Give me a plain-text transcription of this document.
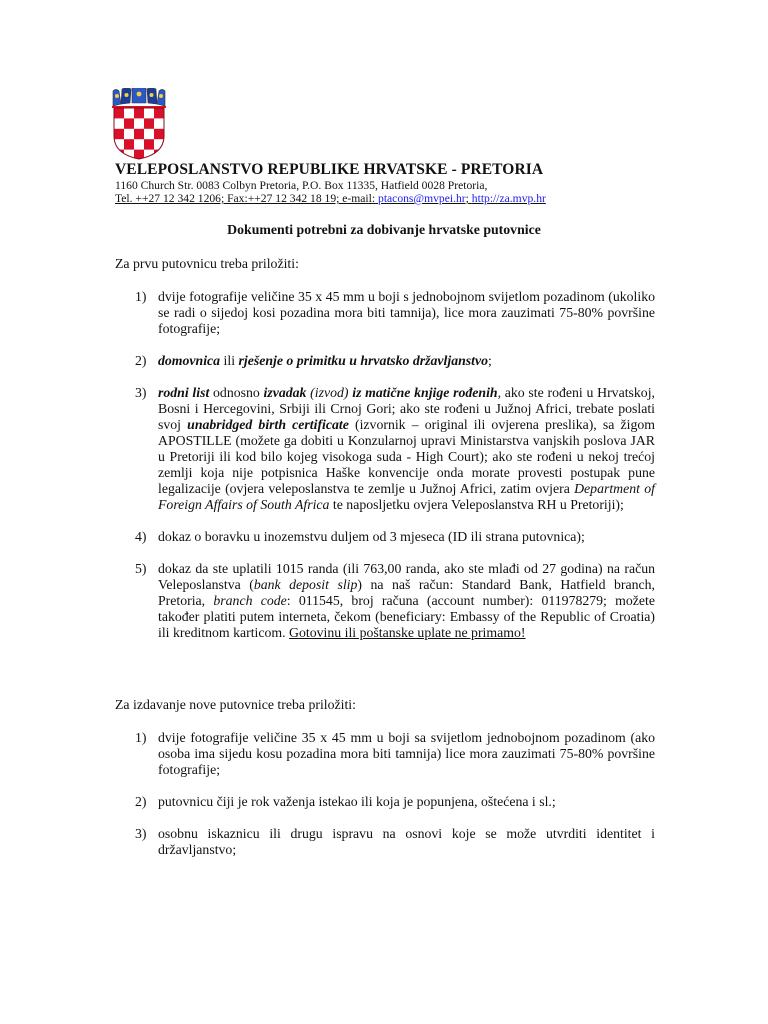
VELEPOSLANSTVO REPUBLIKE HRVATSKE - PRETORIA
1160 Church Str. 0083 Colbyn Pretoria, P.O. Box 11335, Hatfield 0028 Pretoria,
Tel. ++27 12 342 1206; Fax:++27 12 342 18 19; e-mail: ptacons@mvpei.hr; http://za.mvp.hr
Dokumenti potrebni za dobivanje hrvatske putovnice
Za prvu putovnicu treba priložiti:
1) dvije fotografije veličine 35 x 45 mm u boji s jednobojnom svijetlom pozadinom (ukoliko se radi o sijedoj kosi pozadina mora biti tamnija), lice mora zauzimati 75-80% površine fotografije;
2) domovnica ili rješenje o primitku u hrvatsko državljanstvo;
3) rodni list odnosno izvadak (izvod) iz matične knjige rođenih, ako ste rođeni u Hrvatskoj, Bosni i Hercegovini, Srbiji ili Crnoj Gori; ako ste rođeni u Južnoj Africi, trebate poslati svoj unabridged birth certificate (izvornik – original ili ovjerena preslika), sa žigom APOSTILLE (možete ga dobiti u Konzularnoj upravi Ministarstva vanjskih poslova JAR u Pretoriji ili kod bilo kojeg visokoga suda - High Court); ako ste rođeni u nekoj trećoj zemlji koja nije potpisnica Haške konvencije onda morate provesti postupak pune legalizacije (ovjera veleposlanstva te zemlje u Južnoj Africi, zatim ovjera Department of Foreign Affairs of South Africa te naposljetku ovjera Veleposlanstva RH u Pretoriji);
4) dokaz o boravku u inozemstvu duljem od 3 mjeseca (ID ili strana putovnica);
5) dokaz da ste uplatili 1015 randa (ili 763,00 randa, ako ste mlađi od 27 godina) na račun Veleposlanstva (bank deposit slip) na naš račun: Standard Bank, Hatfield branch, Pretoria, branch code: 011545, broj računa (account number): 011978279; možete također platiti putem interneta, čekom (beneficiary: Embassy of the Republic of Croatia) ili kreditnom karticom. Gotovinu ili poštanske uplate ne primamo!
Za izdavanje nove putovnice treba priložiti:
1) dvije fotografije veličine 35 x 45 mm u boji sa svijetlom jednobojnom pozadinom (ako osoba ima sijedu kosu pozadina mora biti tamnija) lice mora zauzimati 75-80% površine fotografije;
2) putovnicu čiji je rok važenja istekao ili koja je popunjena, oštećena i sl.;
3) osobnu iskaznicu ili drugu ispravu na osnovi koje se može utvrditi identitet i državljanstvo;
